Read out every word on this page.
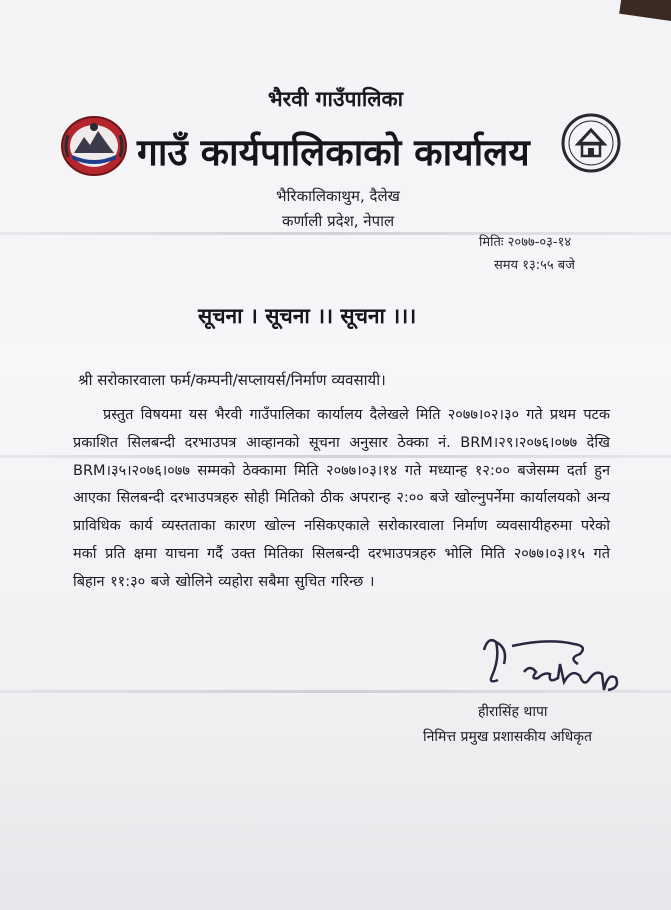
भैरवी गाउँपालिका
गाउँ कार्यपालिकाको कार्यालय
भैरिकालिकाथुम, दैलेख
कर्णाली प्रदेश, नेपाल
मितिः २०७७-०३-१४
समय १३:५५ बजे
सूचना । सूचना ।। सूचना ।।।
श्री सरोकारवाला फर्म/कम्पनी/सप्लायर्स/निर्माण व्यवसायी।
प्रस्तुत विषयमा यस भैरवी गाउँपालिका कार्यालय दैलेखले मिति २०७७।०२।३० गते प्रथम पटक प्रकाशित सिलबन्दी दरभाउपत्र आव्हानको सूचना अनुसार ठेक्का नं. BRM।२९।२०७६।०७७ देखि BRM।३५।२०७६।०७७ सम्मको ठेक्कामा मिति २०७७।०३।१४ गते मध्यान्ह १२:०० बजेसम्म दर्ता हुन आएका सिलबन्दी दरभाउपत्रहरु सोही मितिको ठीक अपरान्ह २:०० बजे खोल्नुपर्नेमा कार्यालयको अन्य प्राविधिक कार्य व्यस्तताका कारण खोल्न नसिकएकाले सरोकारवाला निर्माण व्यवसायीहरुमा परेको मर्का प्रति क्षमा याचना गर्दै उक्त मितिका सिलबन्दी दरभाउपत्रहरु भोलि मिति २०७७।०३।१५ गते बिहान ११:३० बजे खोलिने व्यहोरा सबैमा सुचित गरिन्छ ।
हीरासिंह थापा
निमित्त प्रमुख प्रशासकीय अधिकृत
